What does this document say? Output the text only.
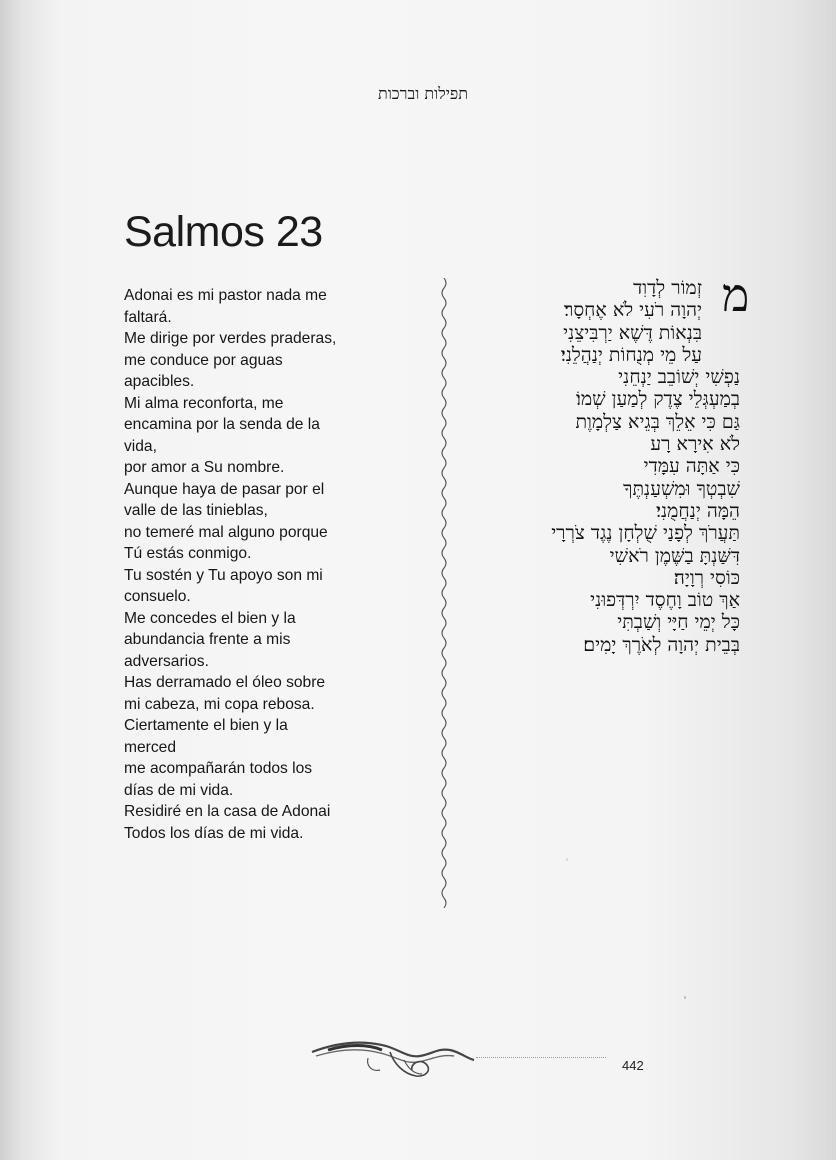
תפילות וברכות
Salmos 23
Adonai es mi pastor nada me
faltará.
Me dirige por verdes praderas,
me conduce por aguas
apacibles.
Mi alma reconforta, me
encamina por la senda de la
vida,
por amor a Su nombre.
Aunque haya de pasar por el
valle de las tinieblas,
no temeré mal alguno porque
Tú estás conmigo.
Tu sostén y Tu apoyo son mi
consuelo.
Me concedes el bien y la
abundancia frente a mis
adversarios.
Has derramado el óleo sobre
mi cabeza, mi copa rebosa.
Ciertamente el bien y la
merced
me acompañarán todos los
días de mi vida.
Residiré en la casa de Adonai
Todos los días de mi vida.
מ
זְמוֹר לְדָוִד
יְהוָה רֹעִי לֹא אֶחְסָר׃
בִּנְאוֹת דֶּשֶׁא יַרְבִּיצֵנִי
עַל מֵי מְנֻחוֹת יְנַהֲלֵנִי׃
נַפְשִׁי יְשׁוֹבֵב יַנְחֵנִי
בְמַעְגְּלֵי צֶדֶק לְמַעַן שְׁמוֹ׃
גַּם כִּי אֵלֵךְ בְּגֵיא צַלְמָוֶת
לֹא אִירָא רָע
כִּי אַתָּה עִמָּדִי
שִׁבְטְךָ וּמִשְׁעַנְתֶּךָ
הֵמָּה יְנַחֲמֻנִי׃
תַּעֲרֹךְ לְפָנַי שֻׁלְחָן נֶגֶד צֹרְרָי
דִּשַּׁנְתָּ בַשֶּׁמֶן רֹאשִׁי
כּוֹסִי רְוָיָה׃
אַךְ טוֹב וָחֶסֶד יִרְדְּפוּנִי
כָּל יְמֵי חַיָּי וְשַׁבְתִּי
בְּבֵית יְהוָה לְאֹרֶךְ יָמִים׃
442
